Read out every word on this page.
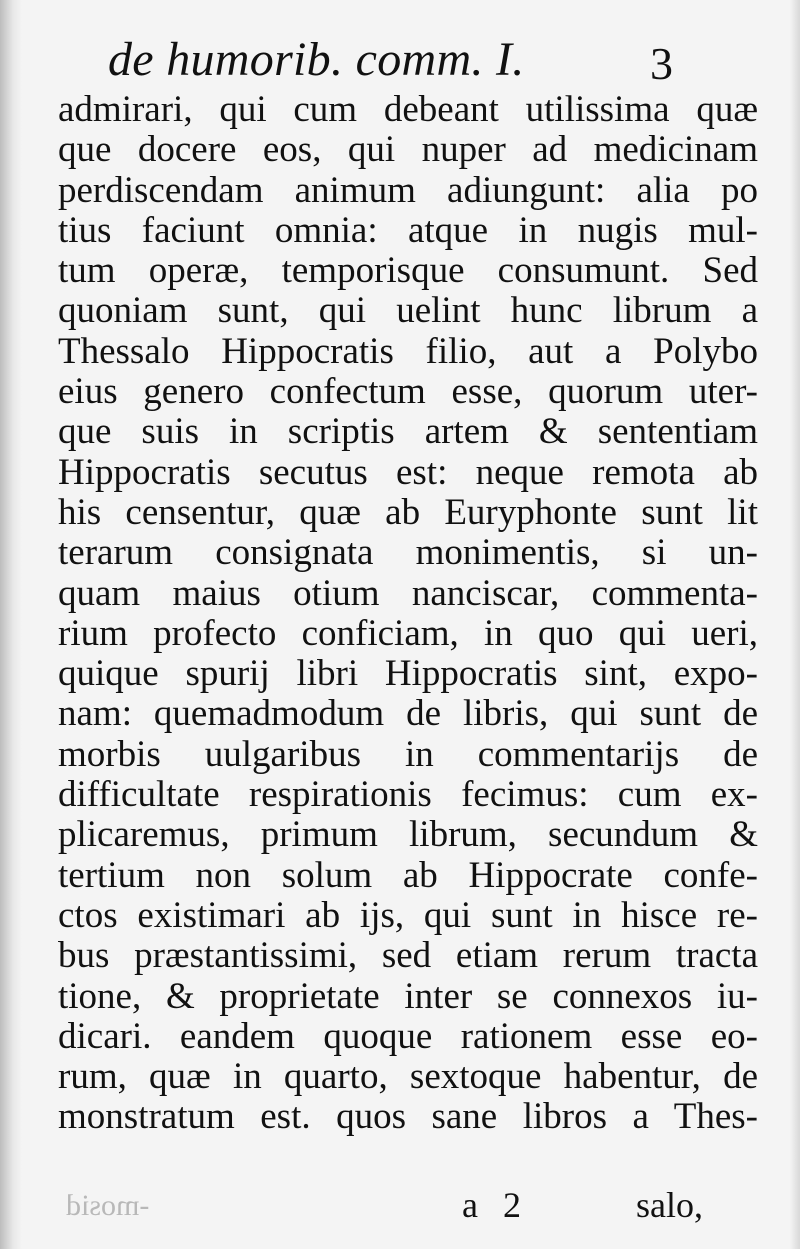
de humorib. comm. I.	3
admirari, qui cum debeant utilissima quæ
que docere eos, qui nuper ad medicinam
perdiscendam animum adiungunt: alia po
tius faciunt omnia: atque in nugis mul-
tum operæ, temporisque consumunt. Sed
quoniam sunt, qui uelint hunc librum a
Thessalo Hippocratis filio, aut a Polybo
eius genero confectum esse, quorum uter-
que suis in scriptis artem & sententiam
Hippocratis secutus est: neque remota ab
his censentur, quæ ab Euryphonte sunt lit
terarum consignata monimentis, si un-
quam maius otium nanciscar, commenta-
rium profecto conficiam, in quo qui ueri,
quique spurij libri Hippocratis sint, expo-
nam: quemadmodum de libris, qui sunt de
morbis uulgaribus in commentarijs de
difficultate respirationis fecimus: cum ex-
plicaremus, primum librum, secundum &
tertium non solum ab Hippocrate confe-
ctos existimari ab ijs, qui sunt in hisce re-
bus præstantissimi, sed etiam rerum tracta
tione, & proprietate inter se connexos iu-
dicari. eandem quoque rationem esse eo-
rum, quæ in quarto, sextoque habentur, de
monstratum est. quos sane libros a Thes-
-mosid	a 2	salo,
